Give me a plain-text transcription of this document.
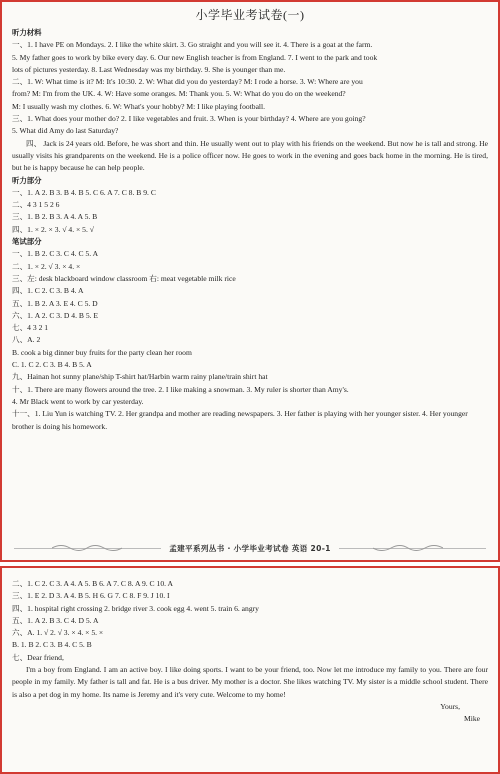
小学毕业考试卷(一)
听力材料
一、1. I have PE on Mondays. 2. I like the white skirt. 3. Go straight and you will see it. 4. There is a goat at the farm.
5. My father goes to work by bike every day. 6. Our new English teacher is from England. 7. I went to the park and took
lots of pictures yesterday. 8. Last Wednesday was my birthday. 9. She is younger than me.
二、1. W: What time is it? M: It's 10:30. 2. W: What did you do yesterday? M: I rode a horse. 3. W: Where are you
from? M: I'm from the UK. 4. W: Have some oranges. M: Thank you. 5. W: What do you do on the weekend?
M: I usually wash my clothes. 6. W: What's your hobby? M: I like playing football.
三、1. What does your mother do? 2. I like vegetables and fruit. 3. When is your birthday? 4. Where are you going?
5. What did Amy do last Saturday?
四、 Jack is 24 years old. Before, he was short and thin. He usually went out to play with his friends on the weekend. But now he is tall and strong. He usually visits his grandparents on the weekend. He is a police officer now. He goes to work in the evening and goes back home in the morning. He is tired, but he is happy because he can help people.
听力部分
一、1. A 2. B 3. B 4. B 5. C 6. A 7. C 8. B 9. C
二、4 3 1 5 2 6
三、1. B 2. B 3. A 4. A 5. B
四、1. × 2. × 3. √ 4. × 5. √
笔试部分
一、1. B 2. C 3. C 4. C 5. A
二、1. × 2. √ 3. × 4. ×
三、左: desk blackboard window classroom 右: meat vegetable milk rice
四、1. C 2. C 3. B 4. A
五、1. B 2. A 3. E 4. C 5. D
六、1. A 2. C 3. D 4. B 5. E
七、4 3 2 1
八、A. 2
B. cook a big dinner buy fruits for the party clean her room
C. 1. C 2. C 3. B 4. B 5. A
九、Hainan hot sunny plane/ship T-shirt hat/Harbin warm rainy plane/train shirt hat
十、1. There are many flowers around the tree. 2. I like making a snowman. 3. My ruler is shorter than Amy's.
4. Mr Black went to work by car yesterday.
十一、1. Liu Yun is watching TV. 2. Her grandpa and mother are reading newspapers. 3. Her father is playing with her younger sister. 4. Her younger brother is doing his homework.
孟建平系列丛书 · 小学毕业考试卷 英语 20-1
二、1. C 2. C 3. A 4. A 5. B 6. A 7. C 8. A 9. C 10. A
三、1. E 2. D 3. A 4. B 5. H 6. G 7. C 8. F 9. J 10. I
四、1. hospital right crossing 2. bridge river 3. cook egg 4. went 5. train 6. angry
五、1. A 2. B 3. C 4. D 5. A
六、A. 1. √ 2. √ 3. × 4. × 5. ×
B. 1. B 2. C 3. B 4. C 5. B
七、Dear friend,
I'm a boy from England. I am an active boy. I like doing sports. I want to be your friend, too. Now let me introduce my family to you. There are four people in my family. My father is tall and fat. He is a bus driver. My mother is a doctor. She likes watching TV. My sister is a middle school student. There is also a pet dog in my home. Its name is Jeremy and it's very cute. Welcome to my home!
Yours,
Mike
